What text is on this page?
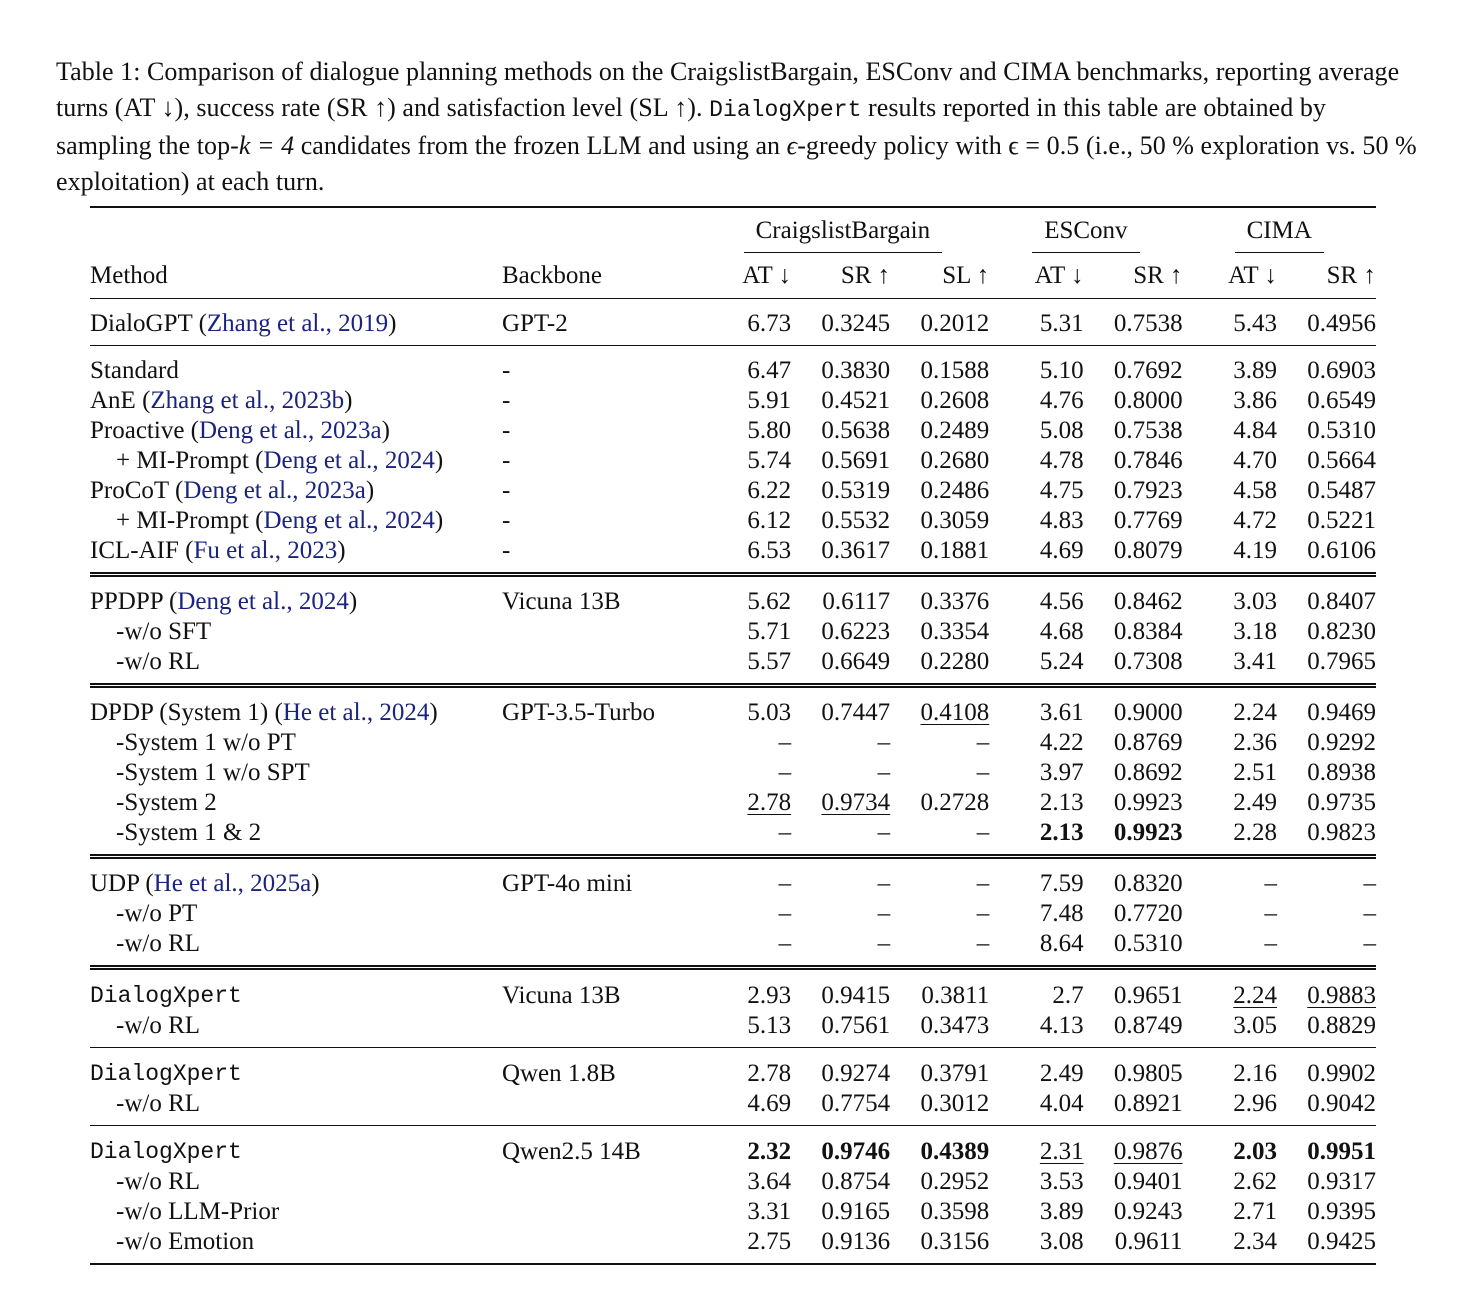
Table 1: Comparison of dialogue planning methods on the CraigslistBargain, ESConv and CIMA benchmarks, reporting average turns (AT ↓), success rate (SR ↑) and satisfaction level (SL ↑). DialogXpert results reported in this table are obtained by sampling the top-k = 4 candidates from the frozen LLM and using an ϵ-greedy policy with ϵ = 0.5 (i.e., 50 % exploration vs. 50 % exploitation) at each turn.

		CraigslistBargain			ESConv		CIMA	
Method	Backbone	AT ↓	SR ↑	SL ↑	AT ↓	SR ↑	AT ↓	SR ↑
DialoGPT (Zhang et al., 2019)	GPT-2	6.73	0.3245	0.2012	5.31	0.7538	5.43	0.4956
Standard	-	6.47	0.3830	0.1588	5.10	0.7692	3.89	0.6903
AnE (Zhang et al., 2023b)	-	5.91	0.4521	0.2608	4.76	0.8000	3.86	0.6549
Proactive (Deng et al., 2023a)	-	5.80	0.5638	0.2489	5.08	0.7538	4.84	0.5310
+ MI-Prompt (Deng et al., 2024)	-	5.74	0.5691	0.2680	4.78	0.7846	4.70	0.5664
ProCoT (Deng et al., 2023a)	-	6.22	0.5319	0.2486	4.75	0.7923	4.58	0.5487
+ MI-Prompt (Deng et al., 2024)	-	6.12	0.5532	0.3059	4.83	0.7769	4.72	0.5221
ICL-AIF (Fu et al., 2023)	-	6.53	0.3617	0.1881	4.69	0.8079	4.19	0.6106
PPDPP (Deng et al., 2024)	Vicuna 13B	5.62	0.6117	0.3376	4.56	0.8462	3.03	0.8407
-w/o SFT		5.71	0.6223	0.3354	4.68	0.8384	3.18	0.8230
-w/o RL		5.57	0.6649	0.2280	5.24	0.7308	3.41	0.7965
DPDP (System 1) (He et al., 2024)	GPT-3.5-Turbo	5.03	0.7447	0.4108	3.61	0.9000	2.24	0.9469
-System 1 w/o PT		–	–	–	4.22	0.8769	2.36	0.9292
-System 1 w/o SPT		–	–	–	3.97	0.8692	2.51	0.8938
-System 2		2.78	0.9734	0.2728	2.13	0.9923	2.49	0.9735
-System 1 & 2		–	–	–	2.13	0.9923	2.28	0.9823
UDP (He et al., 2025a)	GPT-4o mini	–	–	–	7.59	0.8320	–	–
-w/o PT		–	–	–	7.48	0.7720	–	–
-w/o RL		–	–	–	8.64	0.5310	–	–
DialogXpert	Vicuna 13B	2.93	0.9415	0.3811	2.7	0.9651	2.24	0.9883
-w/o RL		5.13	0.7561	0.3473	4.13	0.8749	3.05	0.8829
DialogXpert	Qwen 1.8B	2.78	0.9274	0.3791	2.49	0.9805	2.16	0.9902
-w/o RL		4.69	0.7754	0.3012	4.04	0.8921	2.96	0.9042
DialogXpert	Qwen2.5 14B	2.32	0.9746	0.4389	2.31	0.9876	2.03	0.9951
-w/o RL		3.64	0.8754	0.2952	3.53	0.9401	2.62	0.9317
-w/o LLM-Prior		3.31	0.9165	0.3598	3.89	0.9243	2.71	0.9395
-w/o Emotion		2.75	0.9136	0.3156	3.08	0.9611	2.34	0.9425
